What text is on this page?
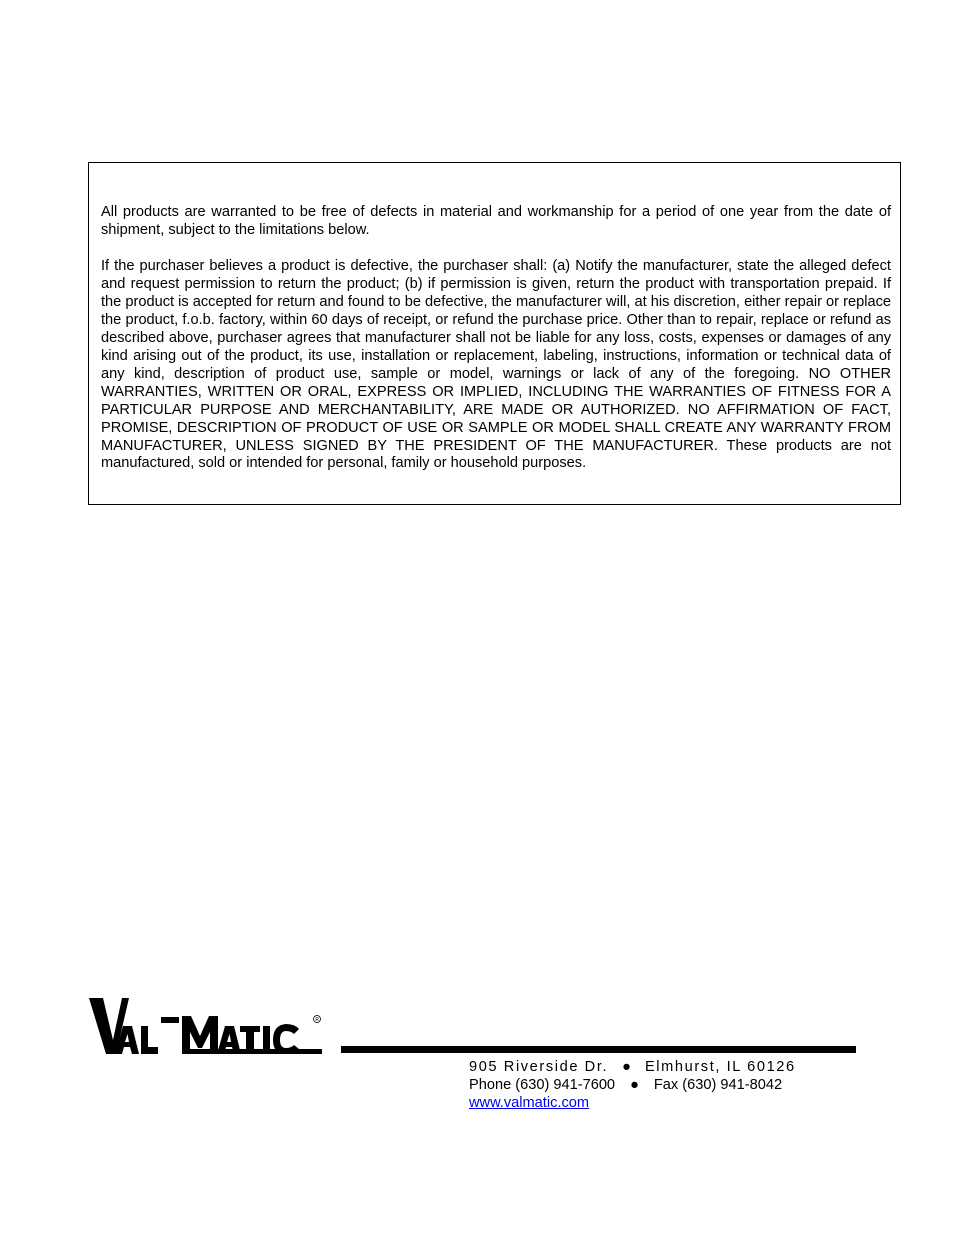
All products are warranted to be free of defects in material and workmanship for a period of one year from the date of shipment, subject to the limitations below.

If the purchaser believes a product is defective, the purchaser shall: (a) Notify the manufacturer, state the alleged defect and request permission to return the product; (b) if permission is given, return the product with transportation prepaid. If the product is accepted for return and found to be defective, the manufacturer will, at his discretion, either repair or replace the product, f.o.b. factory, within 60 days of receipt, or refund the purchase price. Other than to repair, replace or refund as described above, purchaser agrees that manufacturer shall not be liable for any loss, costs, expenses or damages of any kind arising out of the product, its use, installation or replacement, labeling, instructions, information or technical data of any kind, description of product use, sample or model, warnings or lack of any of the foregoing. NO OTHER WARRANTIES, WRITTEN OR ORAL, EXPRESS OR IMPLIED, INCLUDING THE WARRANTIES OF FITNESS FOR A PARTICULAR PURPOSE AND MERCHANTABILITY, ARE MADE OR AUTHORIZED. NO AFFIRMATION OF FACT, PROMISE, DESCRIPTION OF PRODUCT OF USE OR SAMPLE OR MODEL SHALL CREATE ANY WARRANTY FROM MANUFACTURER, UNLESS SIGNED BY THE PRESIDENT OF THE MANUFACTURER. These products are not manufactured, sold or intended for personal, family or household purposes.

R
905 Riverside Dr. ● Elmhurst, IL 60126
Phone (630) 941-7600 ● Fax (630) 941-8042
www.valmatic.com
